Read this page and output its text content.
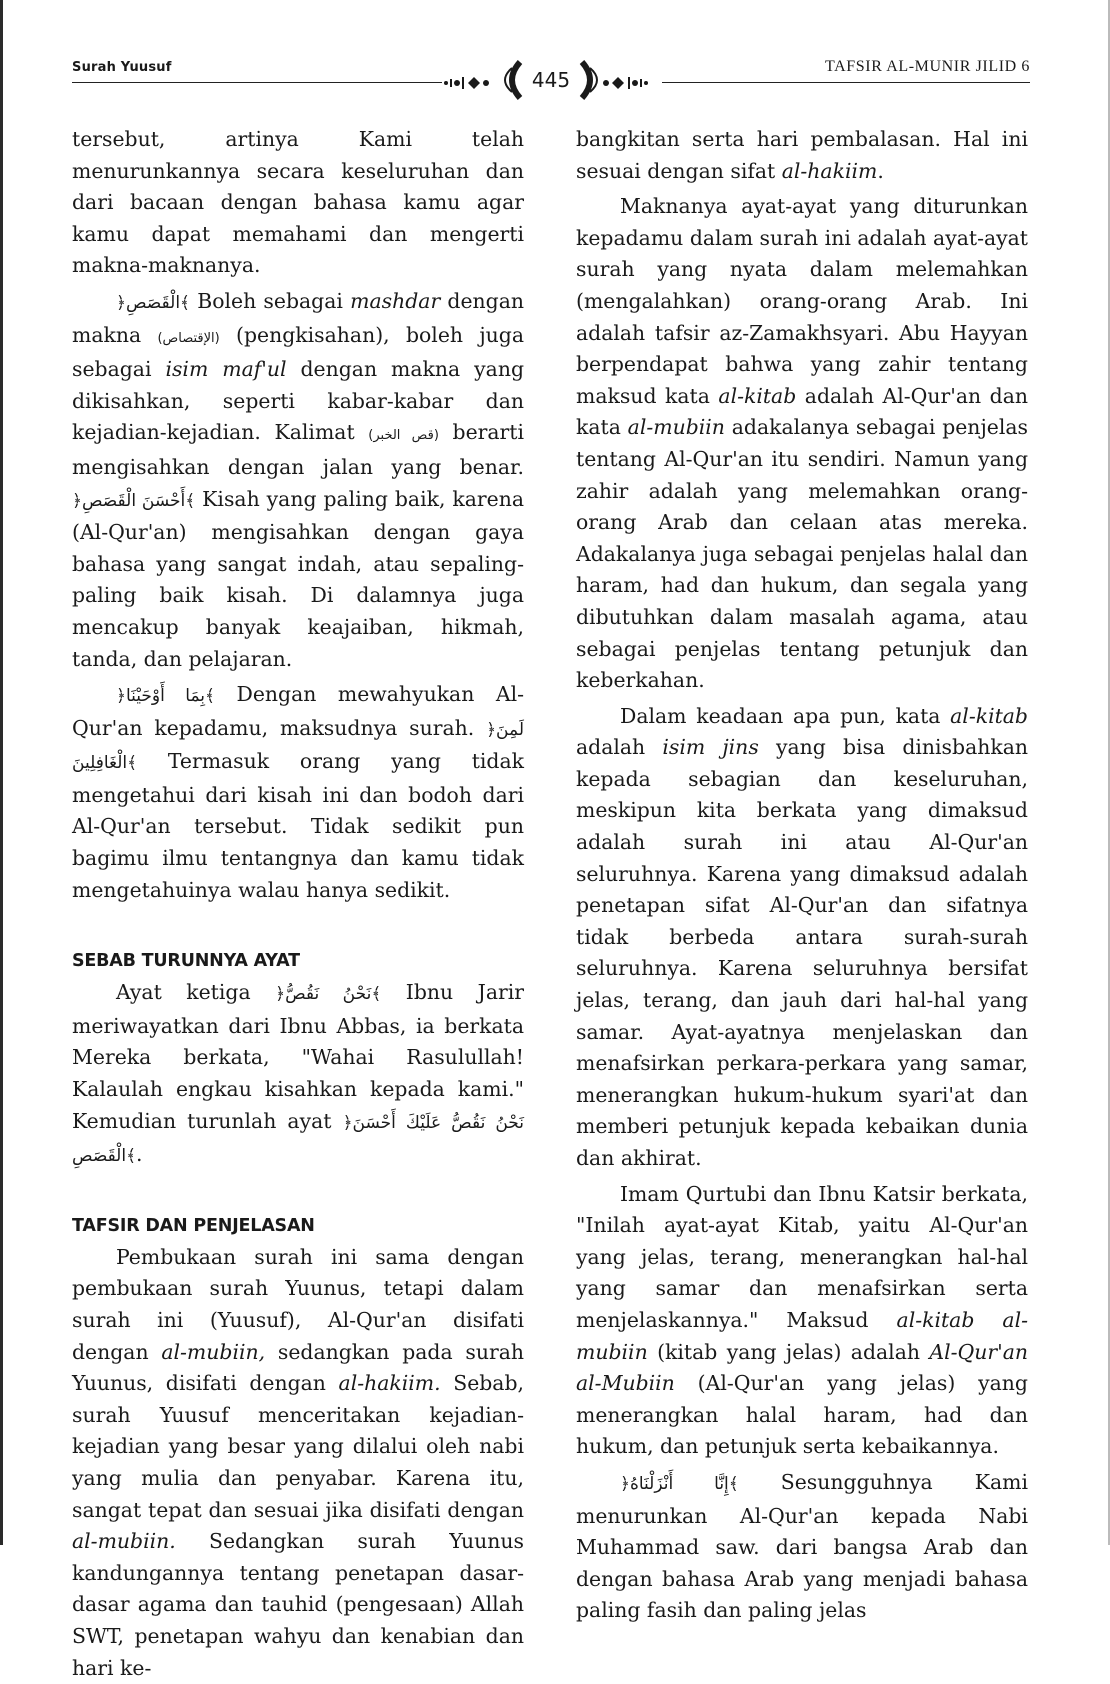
Surah Yuusuf	TAFSIR AL-MUNIR JILID 6
445

tersebut, artinya Kami telah menurunkannya secara keseluruhan dan dari bacaan dengan bahasa kamu agar kamu dapat memahami dan mengerti makna-maknanya.

﴿الْقَصَصِ﴾ Boleh sebagai mashdar dengan makna (الإقتصاص) (pengkisahan), boleh juga sebagai isim maf'ul dengan makna yang dikisahkan, seperti kabar-kabar dan kejadian-kejadian. Kalimat (قص الخبر) berarti mengisahkan dengan jalan yang benar. ﴿أَحْسَنَ الْقَصَصِ﴾ Kisah yang paling baik, karena (Al-Qur'an) mengisahkan dengan gaya bahasa yang sangat indah, atau sepaling-paling baik kisah. Di dalamnya juga mencakup banyak keajaiban, hikmah, tanda, dan pelajaran.

﴿بِمَا أَوْحَيْنَا﴾ Dengan mewahyukan Al-Qur'an kepadamu, maksudnya surah. ﴿لَمِنَ الْغَافِلِينَ﴾ Termasuk orang yang tidak mengetahui dari kisah ini dan bodoh dari Al-Qur'an tersebut. Tidak sedikit pun bagimu ilmu tentangnya dan kamu tidak mengetahuinya walau hanya sedikit.

SEBAB TURUNNYA AYAT

Ayat ketiga ﴿نَحْنُ نَقُصُّ﴾ Ibnu Jarir meriwayatkan dari Ibnu Abbas, ia berkata Mereka berkata, "Wahai Rasulullah! Kalaulah engkau kisahkan kepada kami." Kemudian turunlah ayat ﴿نَحْنُ نَقُصُّ عَلَيْكَ أَحْسَنَ الْقَصَصِ﴾.

TAFSIR DAN PENJELASAN

Pembukaan surah ini sama dengan pembukaan surah Yuunus, tetapi dalam surah ini (Yuusuf), Al-Qur'an disifati dengan al-mubiin, sedangkan pada surah Yuunus, disifati dengan al-hakiim. Sebab, surah Yuusuf menceritakan kejadian-kejadian yang besar yang dilalui oleh nabi yang mulia dan penyabar. Karena itu, sangat tepat dan sesuai jika disifati dengan al-mubiin. Sedangkan surah Yuunus kandungannya tentang penetapan dasar-dasar agama dan tauhid (pengesaan) Allah SWT, penetapan wahyu dan kenabian dan hari ke-

bangkitan serta hari pembalasan. Hal ini sesuai dengan sifat al-hakiim.

Maknanya ayat-ayat yang diturunkan kepadamu dalam surah ini adalah ayat-ayat surah yang nyata dalam melemahkan (mengalahkan) orang-orang Arab. Ini adalah tafsir az-Zamakhsyari. Abu Hayyan berpendapat bahwa yang zahir tentang maksud kata al-kitab adalah Al-Qur'an dan kata al-mubiin adakalanya sebagai penjelas tentang Al-Qur'an itu sendiri. Namun yang zahir adalah yang melemahkan orang-orang Arab dan celaan atas mereka. Adakalanya juga sebagai penjelas halal dan haram, had dan hukum, dan segala yang dibutuhkan dalam masalah agama, atau sebagai penjelas tentang petunjuk dan keberkahan.

Dalam keadaan apa pun, kata al-kitab adalah isim jins yang bisa dinisbahkan kepada sebagian dan keseluruhan, meskipun kita berkata yang dimaksud adalah surah ini atau Al-Qur'an seluruhnya. Karena yang dimaksud adalah penetapan sifat Al-Qur'an dan sifatnya tidak berbeda antara surah-surah seluruhnya. Karena seluruhnya bersifat jelas, terang, dan jauh dari hal-hal yang samar. Ayat-ayatnya menjelaskan dan menafsirkan perkara-perkara yang samar, menerangkan hukum-hukum syari'at dan memberi petunjuk kepada kebaikan dunia dan akhirat.

Imam Qurtubi dan Ibnu Katsir berkata, "Inilah ayat-ayat Kitab, yaitu Al-Qur'an yang jelas, terang, menerangkan hal-hal yang samar dan menafsirkan serta menjelaskannya." Maksud al-kitab al-mubiin (kitab yang jelas) adalah Al-Qur'an al-Mubiin (Al-Qur'an yang jelas) yang menerangkan halal haram, had dan hukum, dan petunjuk serta kebaikannya.

﴿إِنَّا أَنْزَلْنَاهُ﴾ Sesungguhnya Kami menurunkan Al-Qur'an kepada Nabi Muhammad saw. dari bangsa Arab dan dengan bahasa Arab yang menjadi bahasa paling fasih dan paling jelas
